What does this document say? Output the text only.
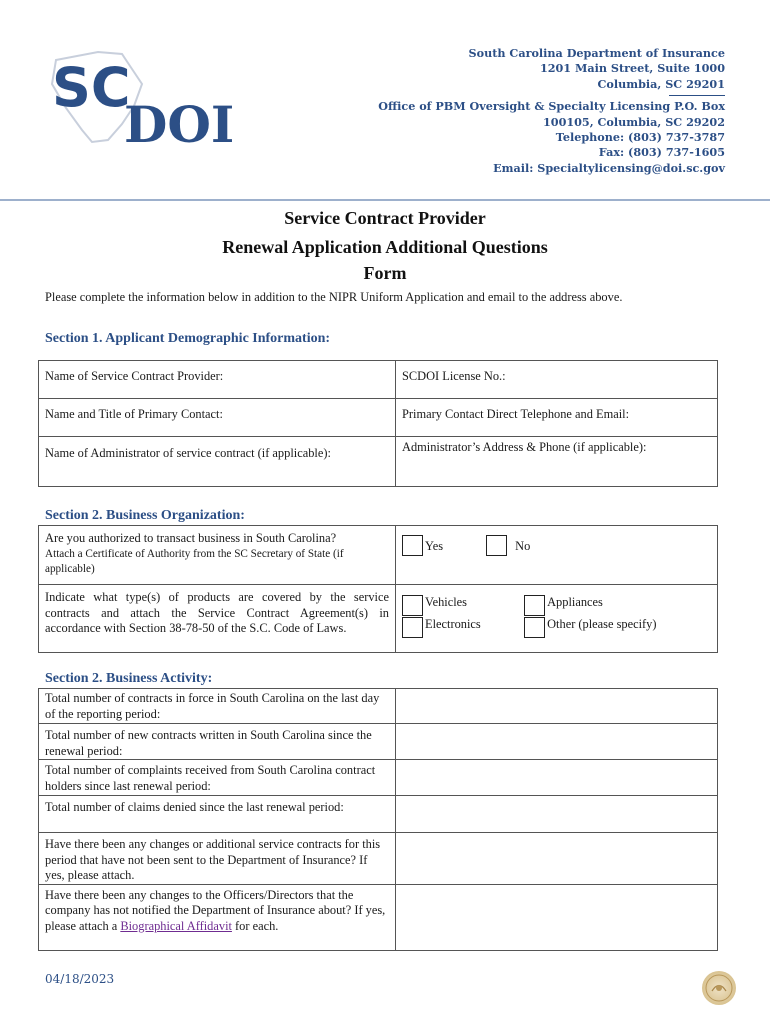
SC
DOI
South Carolina Department of Insurance
1201 Main Street, Suite 1000
Columbia, SC 29201
Office of PBM Oversight & Specialty Licensing P.O. Box
100105, Columbia, SC 29202
Telephone: (803) 737-3787
Fax: (803) 737-1605
Email: Specialtylicensing@doi.sc.gov
Service Contract Provider
Renewal Application Additional Questions
Form
Please complete the information below in addition to the NIPR Uniform Application and email to the address above.
Section 1. Applicant Demographic Information:
Name of Service Contract Provider:	SCDOI License No.:
Name and Title of Primary Contact:	Primary Contact Direct Telephone and Email:
Name of Administrator of service contract (if applicable):	Administrator’s Address & Phone (if applicable):
Section 2. Business Organization:
Are you authorized to transact business in South Carolina?
Attach a Certificate of Authority from the SC Secretary of State (if applicable)	Yes No
Indicate what type(s) of products are covered by the service contracts and attach the Service Contract Agreement(s) in accordance with Section 38-78-50 of the S.C. Code of Laws.	Vehicles Appliances
Electronics Other (please specify)
Section 2. Business Activity:
Total number of contracts in force in South Carolina on the last day of the reporting period:	
Total number of new contracts written in South Carolina since the renewal period:	
Total number of complaints received from South Carolina contract holders since last renewal period:	
Total number of claims denied since the last renewal period:	
Have there been any changes or additional service contracts for this period that have not been sent to the Department of Insurance? If yes, please attach.	
Have there been any changes to the Officers/Directors that the company has not notified the Department of Insurance about? If yes, please attach a Biographical Affidavit for each.	
04/18/2023
